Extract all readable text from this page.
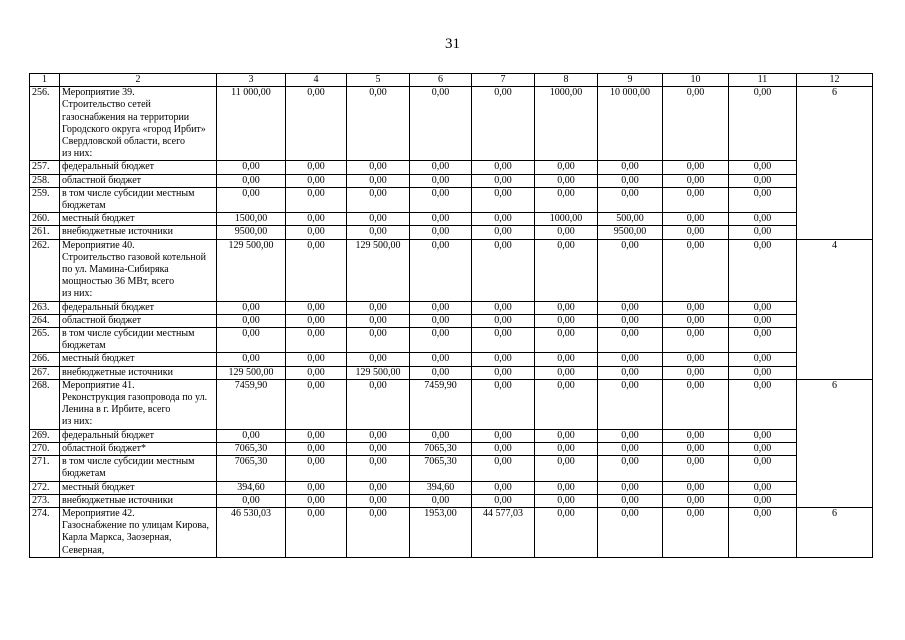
31
1	2	3	4	5	6	7	8	9	10	11	12
256.	Мероприятие 39.
Строительство сетей газоснабжения на территории Городского округа «город Ирбит» Свердловской области, всего
из них:	11 000,00	0,00	0,00	0,00	0,00	1000,00	10 000,00	0,00	0,00	6
257.	федеральный бюджет	0,00	0,00	0,00	0,00	0,00	0,00	0,00	0,00	0,00	
258.	областной бюджет	0,00	0,00	0,00	0,00	0,00	0,00	0,00	0,00	0,00	
259.	в том числе субсидии местным бюджетам	0,00	0,00	0,00	0,00	0,00	0,00	0,00	0,00	0,00	
260.	местный бюджет	1500,00	0,00	0,00	0,00	0,00	1000,00	500,00	0,00	0,00	
261.	внебюджетные источники	9500,00	0,00	0,00	0,00	0,00	0,00	9500,00	0,00	0,00	
262.	Мероприятие 40.
Строительство газовой котельной по ул. Мамина-Сибиряка мощностью 36 МВт, всего
из них:	129 500,00	0,00	129 500,00	0,00	0,00	0,00	0,00	0,00	0,00	4
263.	федеральный бюджет	0,00	0,00	0,00	0,00	0,00	0,00	0,00	0,00	0,00	
264.	областной бюджет	0,00	0,00	0,00	0,00	0,00	0,00	0,00	0,00	0,00	
265.	в том числе субсидии местным бюджетам	0,00	0,00	0,00	0,00	0,00	0,00	0,00	0,00	0,00	
266.	местный бюджет	0,00	0,00	0,00	0,00	0,00	0,00	0,00	0,00	0,00	
267.	внебюджетные источники	129 500,00	0,00	129 500,00	0,00	0,00	0,00	0,00	0,00	0,00	
268.	Мероприятие 41.
Реконструкция газопровода по ул. Ленина в г. Ирбите, всего
из них:	7459,90	0,00	0,00	7459,90	0,00	0,00	0,00	0,00	0,00	6
269.	федеральный бюджет	0,00	0,00	0,00	0,00	0,00	0,00	0,00	0,00	0,00	
270.	областной бюджет*	7065,30	0,00	0,00	7065,30	0,00	0,00	0,00	0,00	0,00	
271.	в том числе субсидии местным бюджетам	7065,30	0,00	0,00	7065,30	0,00	0,00	0,00	0,00	0,00	
272.	местный бюджет	394,60	0,00	0,00	394,60	0,00	0,00	0,00	0,00	0,00	
273.	внебюджетные источники	0,00	0,00	0,00	0,00	0,00	0,00	0,00	0,00	0,00	
274.	Мероприятие 42.
Газоснабжение по улицам Кирова, Карла Маркса, Заозерная, Северная,	46 530,03	0,00	0,00	1953,00	44 577,03	0,00	0,00	0,00	0,00	6
